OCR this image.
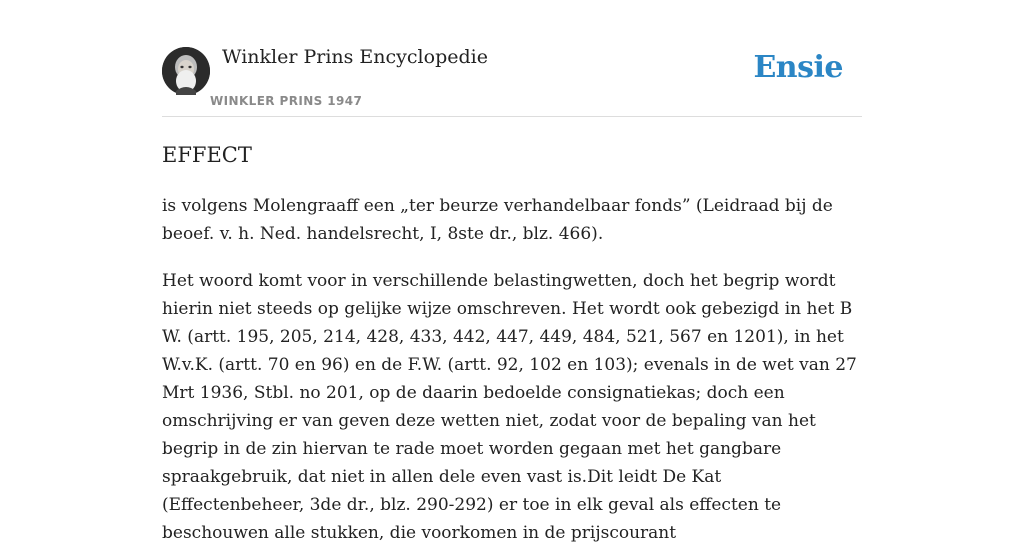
Winkler Prins Encyclopedie
WINKLER PRINS 1947
Ensie
EFFECT

is volgens Molengraaff een „ter beurze verhandelbaar fonds” (Leidraad bij de beoef. v. h. Ned. handelsrecht, I, 8ste dr., blz. 466).

Het woord komt voor in verschillende belastingwetten, doch het begrip wordt hierin niet steeds op gelijke wijze omschreven. Het wordt ook gebezigd in het B W. (artt. 195, 205, 214, 428, 433, 442, 447, 449, 484, 521, 567 en 1201), in het W.v.K. (artt. 70 en 96) en de F.W. (artt. 92, 102 en 103); evenals in de wet van 27 Mrt 1936, Stbl. no 201, op de daarin bedoelde consignatiekas; doch een omschrijving er van geven deze wetten niet, zodat voor de bepaling van het begrip in de zin hiervan te rade moet worden gegaan met het gangbare spraakgebruik, dat niet in allen dele even vast is.Dit leidt De Kat (Effectenbeheer, 3de dr., blz. 290-292) er toe in elk geval als effecten te beschouwen alle stukken, die voorkomen in de prijscourant
